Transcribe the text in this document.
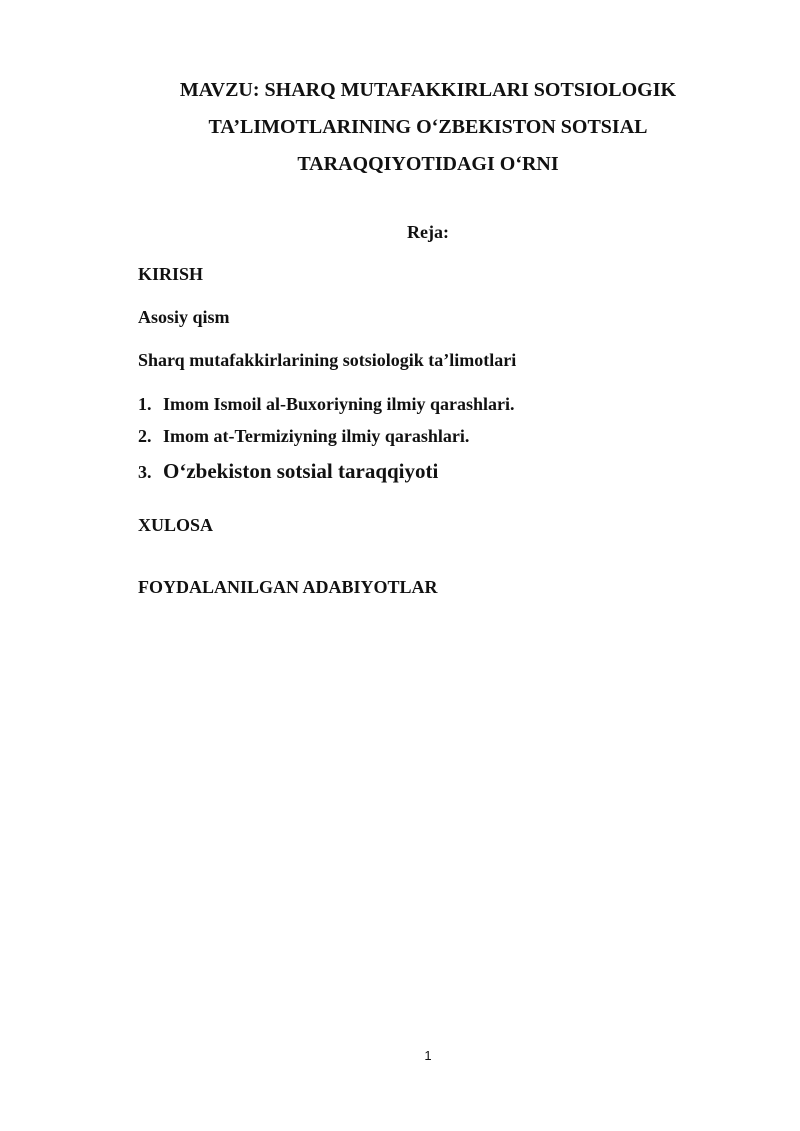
MAVZU: SHARQ MUTAFAKKIRLARI SOTSIOLOGIK
TA’LIMOTLARINING O‘ZBEKISTON SOTSIAL
TARAQQIYOTIDAGI O‘RNI

Reja:

KIRISH

Asosiy qism

Sharq mutafakkirlarining sotsiologik ta’limotlari

1. Imom Ismoil al-Buxoriyning ilmiy qarashlari.

2. Imom at-Termiziyning ilmiy qarashlari.

3. O‘zbekiston sotsial taraqqiyoti

XULOSA

FOYDALANILGAN ADABIYOTLAR

1
